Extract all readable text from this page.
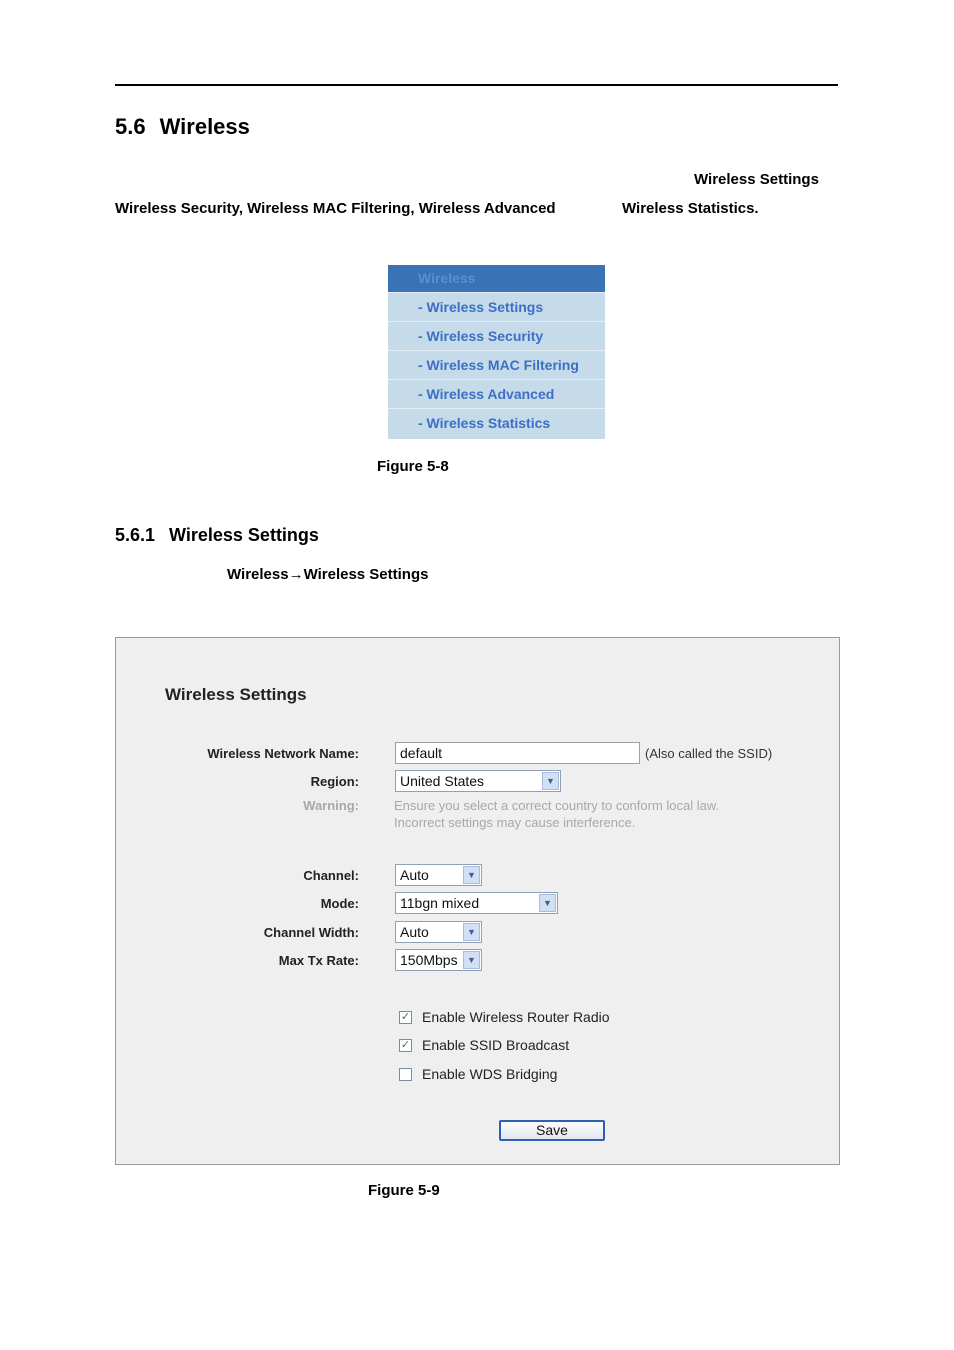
5.6 Wireless
Wireless Settings
Wireless Security, Wireless MAC Filtering, Wireless Advanced	Wireless Statistics.
Wireless
- Wireless Settings
- Wireless Security
- Wireless MAC Filtering
- Wireless Advanced
- Wireless Statistics
Figure 5-8
5.6.1 Wireless Settings
Wireless→Wireless Settings
Wireless Settings
Wireless Network Name:
default	(Also called the SSID)
Region:	United States	▼
Warning:	Ensure you select a correct country to conform local law.
Incorrect settings may cause interference.
Channel:	Auto	▼
Mode:	11bgn mixed	▼
Channel Width:	Auto	▼
Max Tx Rate:	150Mbps	▼
✓ Enable Wireless Router Radio
✓ Enable SSID Broadcast
Enable WDS Bridging
Save
Figure 5-9
